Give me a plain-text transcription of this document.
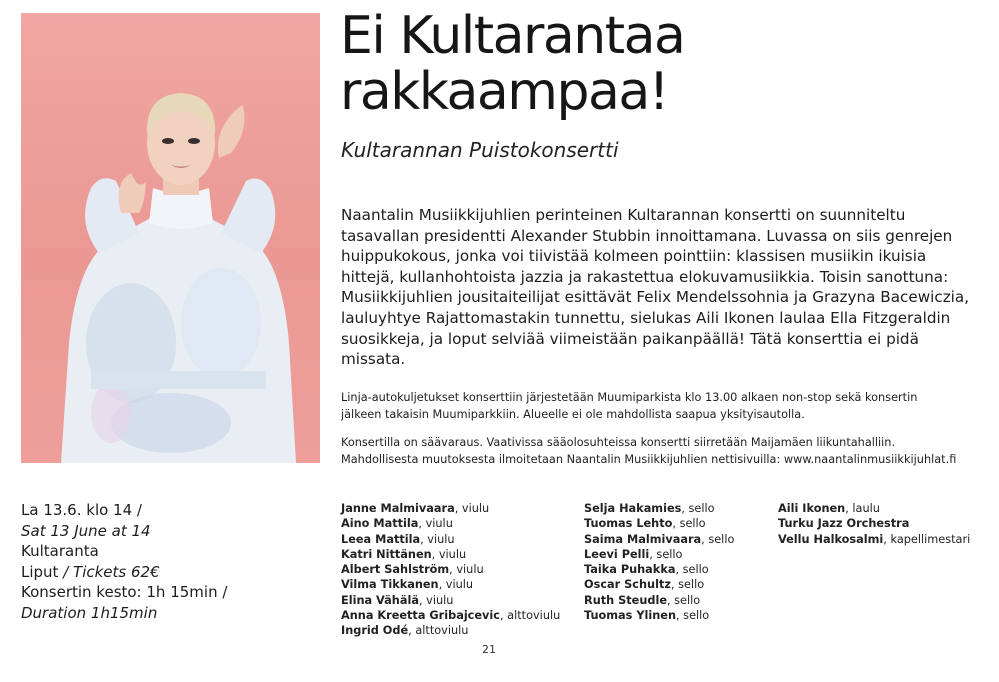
Ei Kultarantaa
rakkaampaa!
Kultarannan Puistokonsertti

Naantalin Musiikkijuhlien perinteinen Kultarannan konsertti on suunniteltu tasavallan presidentti Alexander Stubbin innoittamana. Luvassa on siis genrejen huippukokous, jonka voi tiivistää kolmeen pointtiin: klassisen musiikin ikuisia hittejä, kullanhohtoista jazzia ja rakastettua elokuvamusiikkia. Toisin sanottuna: Musiikkijuhlien jousitaiteilijat esittävät Felix Mendelssohnia ja Grazyna Bacewiczia, lauluyhtye Rajattomastakin tunnettu, sielukas Aili Ikonen laulaa Ella Fitzgeraldin suosikkeja, ja loput selviää viimeistään paikanpäällä! Tätä konserttia ei pidä missata.

Linja-autokuljetukset konserttiin järjestetään Muumiparkista klo 13.00 alkaen non-stop sekä konsertin jälkeen takaisin Muumiparkkiin. Alueelle ei ole mahdollista saapua yksityisautolla.

Konsertilla on säävaraus. Vaativissa sääolosuhteissa konsertti siirretään Maijamäen liikuntahalliin. Mahdollisesta muutoksesta ilmoitetaan Naantalin Musiikkijuhlien nettisivuilla: www.naantalinmusiikkijuhlat.fi

La 13.6. klo 14 /
Sat 13 June at 14
Kultaranta
Liput / Tickets 62€
Konsertin kesto: 1h 15min /
Duration 1h15min
Janne Malmivaara, viulu
Aino Mattila, viulu
Leea Mattila, viulu
Katri Nittänen, viulu
Albert Sahlström, viulu
Vilma Tikkanen, viulu
Elina Vähälä, viulu
Anna Kreetta Gribajcevic, alttoviulu
Ingrid Odé, alttoviulu
Selja Hakamies, sello
Tuomas Lehto, sello
Saima Malmivaara, sello
Leevi Pelli, sello
Taika Puhakka, sello
Oscar Schultz, sello
Ruth Steudle, sello
Tuomas Ylinen, sello
Aili Ikonen, laulu
Turku Jazz Orchestra
Vellu Halkosalmi, kapellimestari
21
